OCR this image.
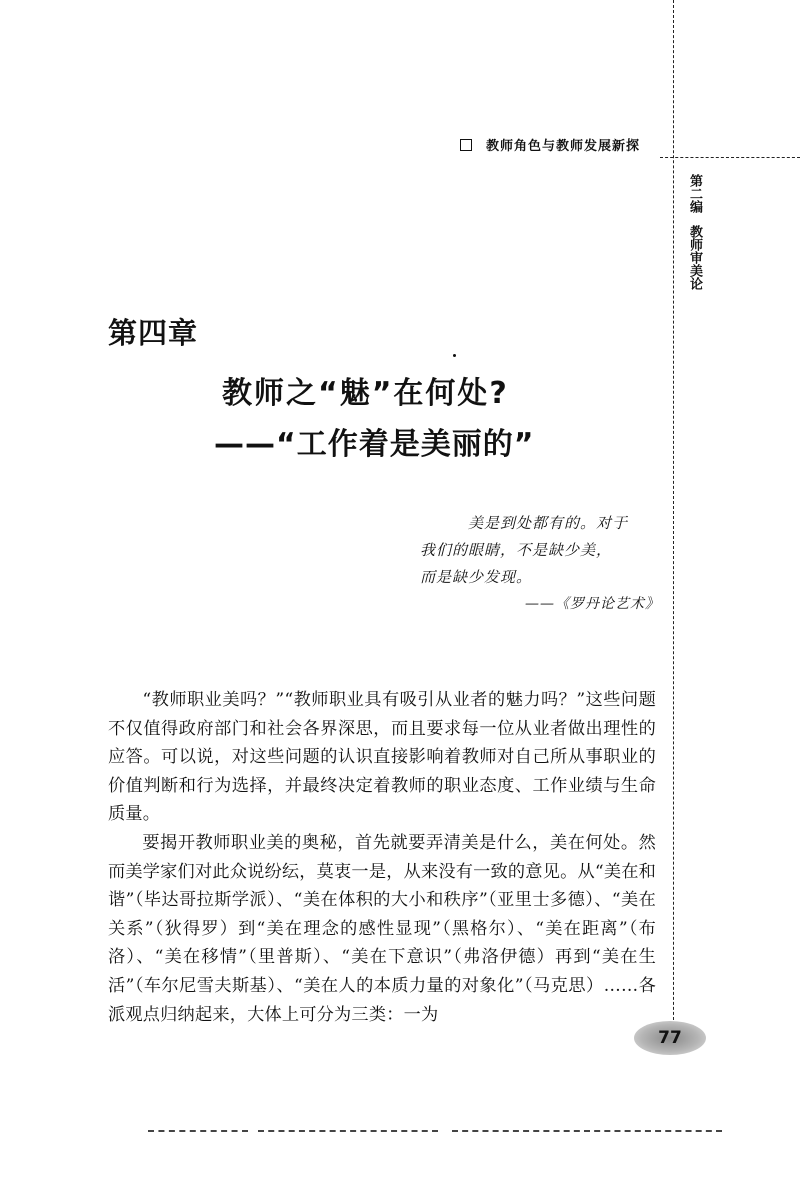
教师角色与教师发展新探
第二编教师审美论
第四章
教师之“魅”在何处?
——“工作着是美丽的”
美是到处都有的。对于
我们的眼睛，不是缺少美，
而是缺少发现。
——《罗丹论艺术》

“教师职业美吗？”“教师职业具有吸引从业者的魅力吗？”这些问题不仅值得政府部门和社会各界深思，而且要求每一位从业者做出理性的应答。可以说，对这些问题的认识直接影响着教师对自己所从事职业的价值判断和行为选择，并最终决定着教师的职业态度、工作业绩与生命质量。

要揭开教师职业美的奥秘，首先就要弄清美是什么，美在何处。然而美学家们对此众说纷纭，莫衷一是，从来没有一致的意见。从“美在和谐”（毕达哥拉斯学派）、“美在体积的大小和秩序”（亚里士多德）、“美在关系”（狄得罗）到“美在理念的感性显现”（黑格尔）、“美在距离”（布洛）、“美在移情”（里普斯）、“美在下意识”（弗洛伊德）再到“美在生活”（车尔尼雪夫斯基）、“美在人的本质力量的对象化”（马克思）……各派观点归纳起来，大体上可分为三类：一为

77
